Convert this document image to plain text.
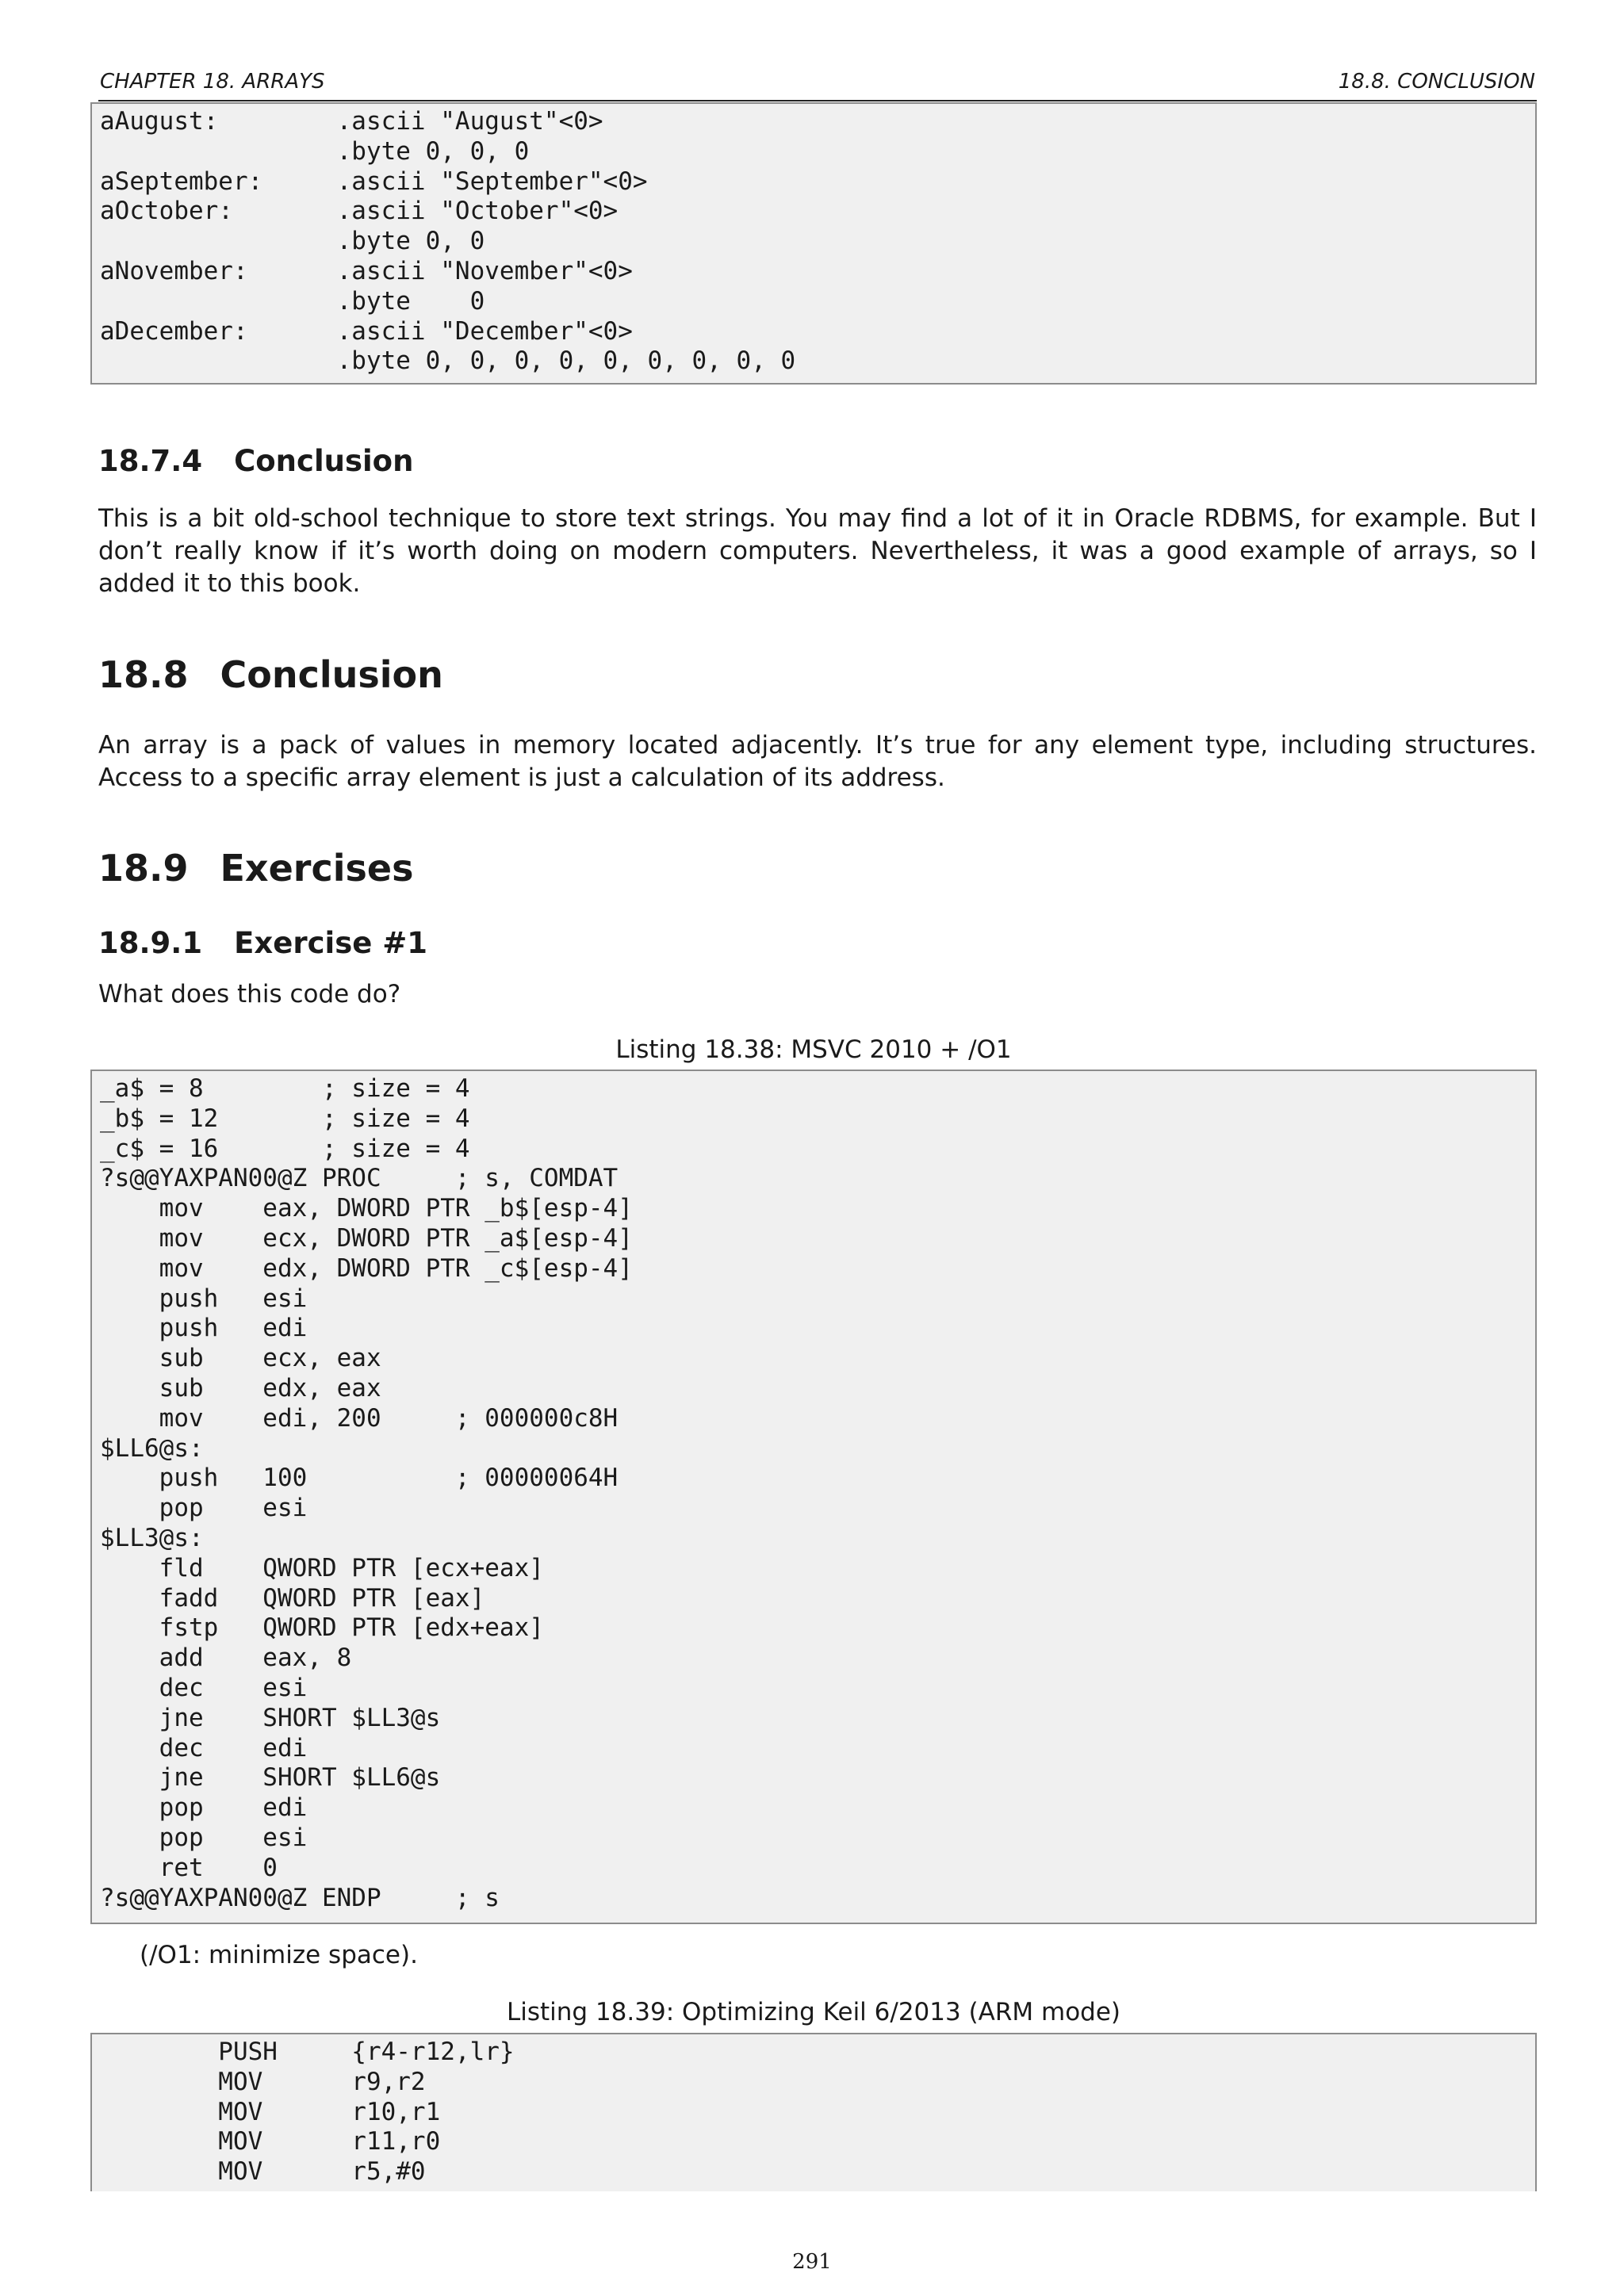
CHAPTER 18. ARRAYS	18.8. CONCLUSION
aAugust:        .ascii "August"<0>
.byte 0, 0, 0
aSeptember:     .ascii "September"<0>
aOctober:       .ascii "October"<0>
.byte 0, 0
aNovember:      .ascii "November"<0>
.byte    0
aDecember:      .ascii "December"<0>
.byte 0, 0, 0, 0, 0, 0, 0, 0, 0
18.7.4 Conclusion

This is a bit old-school technique to store text strings. You may find a lot of it in Oracle RDBMS, for example. But I don’t really know if it’s worth doing on modern computers. Nevertheless, it was a good example of arrays, so I added it to this book.

18.8 Conclusion

An array is a pack of values in memory located adjacently. It’s true for any element type, including structures. Access to a specific array element is just a calculation of its address.

18.9 Exercises
18.9.1 Exercise #1

What does this code do?

Listing 18.38: MSVC 2010 + /O1
_a$ = 8        ; size = 4
_b$ = 12       ; size = 4
_c$ = 16       ; size = 4
?s@@YAXPAN00@Z PROC     ; s, COMDAT
mov    eax, DWORD PTR _b$[esp-4]
mov    ecx, DWORD PTR _a$[esp-4]
mov    edx, DWORD PTR _c$[esp-4]
push   esi
push   edi
sub    ecx, eax
sub    edx, eax
mov    edi, 200     ; 000000c8H
$LL6@s:
push   100          ; 00000064H
pop    esi
$LL3@s:
fld    QWORD PTR [ecx+eax]
fadd   QWORD PTR [eax]
fstp   QWORD PTR [edx+eax]
add    eax, 8
dec    esi
jne    SHORT $LL3@s
dec    edi
jne    SHORT $LL6@s
pop    edi
pop    esi
ret    0
?s@@YAXPAN00@Z ENDP     ; s
(/O1: minimize space).
Listing 18.39: Optimizing Keil 6/2013 (ARM mode)
PUSH     {r4-r12,lr}
MOV      r9,r2
MOV      r10,r1
MOV      r11,r0
MOV      r5,#0
291
